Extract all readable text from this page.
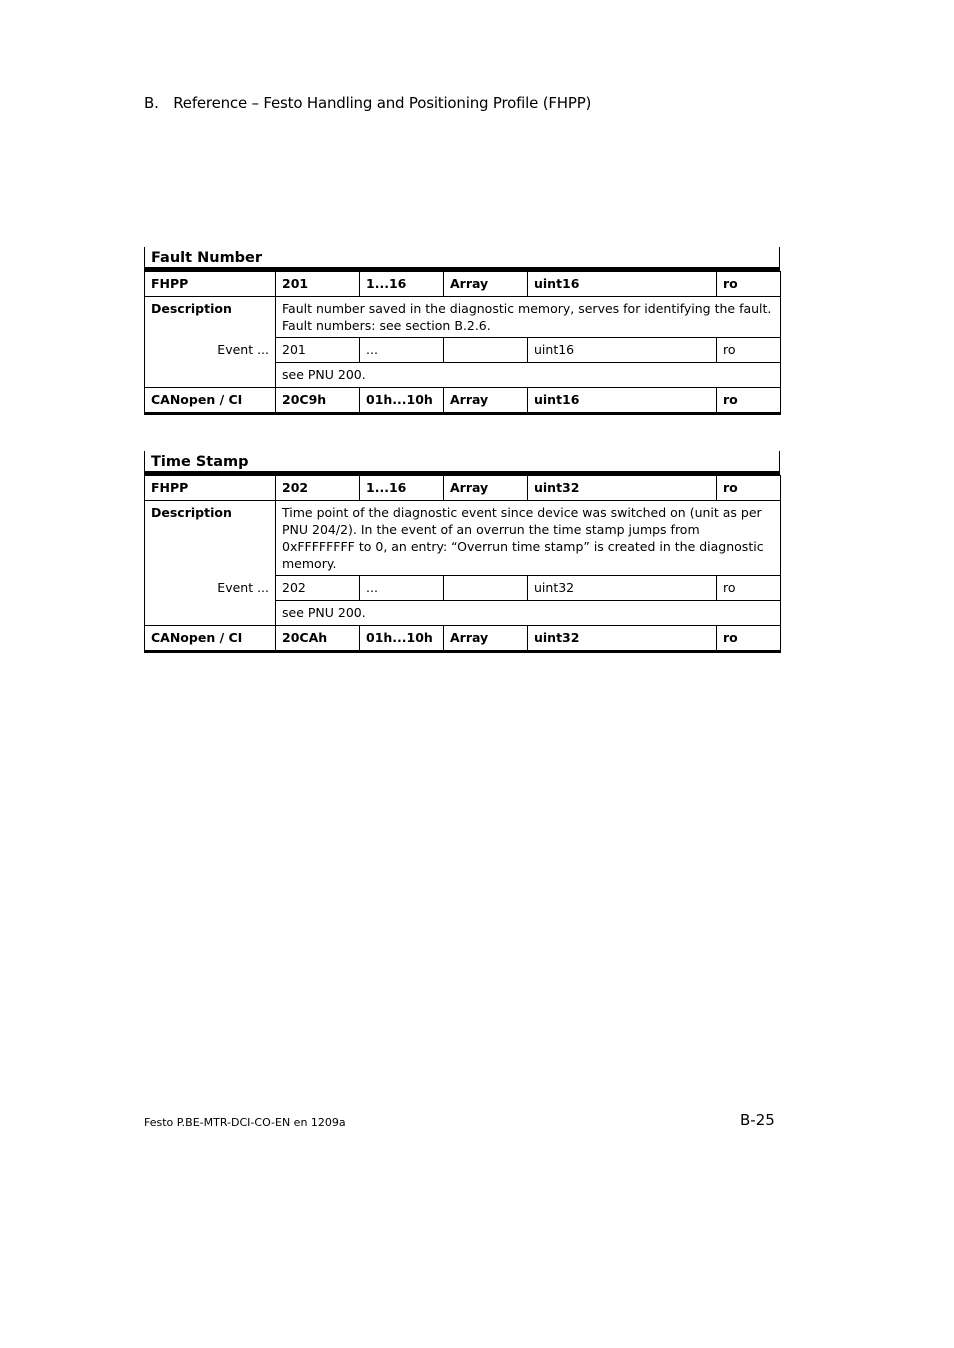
B. Reference – Festo Handling and Positioning Profile (FHPP)
Fault Number
FHPP	201	1...16	Array	uint16	ro
Description	Fault number saved in the diagnostic memory, serves for identifying the fault. Fault numbers: see section B.2.6.				
Event ...	201	...		uint16	ro
	see PNU 200.				
CANopen / CI	20C9h	01h...10h	Array	uint16	ro
Time Stamp
FHPP	202	1...16	Array	uint32	ro
Description	Time point of the diagnostic event since device was switched on (unit as per PNU 204/2). In the event of an overrun the time stamp jumps from 0xFFFFFFFF to 0, an entry: “Overrun time stamp” is created in the diagnostic memory.				
Event ...	202	...		uint32	ro
	see PNU 200.				
CANopen / CI	20CAh	01h...10h	Array	uint32	ro
Festo P.BE-MTR-DCI-CO-EN en 1209a	B-25
